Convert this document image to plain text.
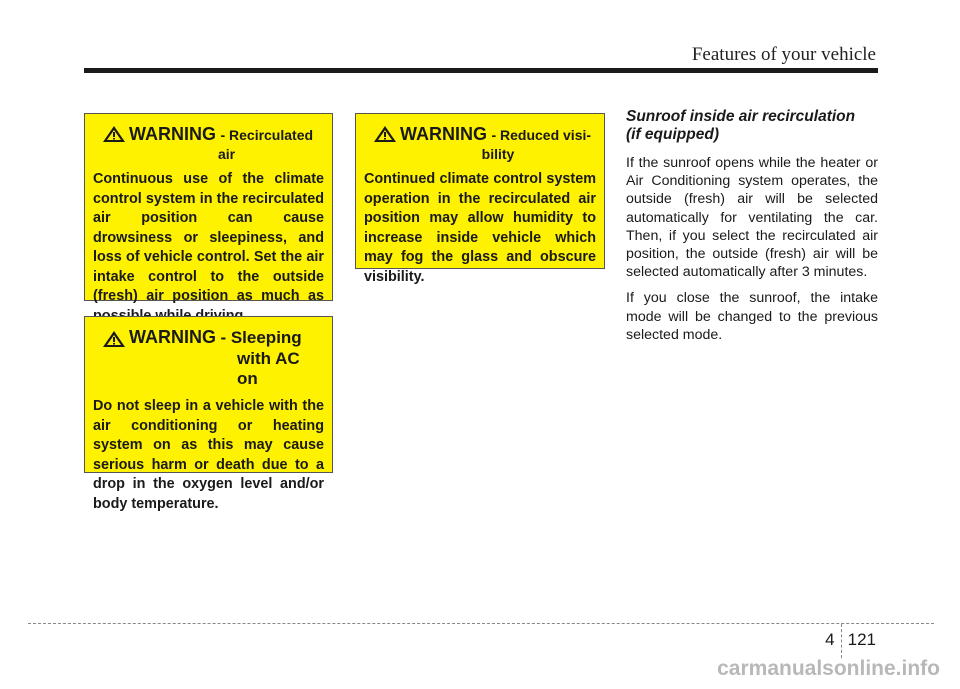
Features of your vehicle
WARNING - Recirculated
air

Continuous use of the climate control system in the recirculated air position can cause drowsiness or sleepiness, and loss of vehicle control. Set the air intake control to the outside (fresh) air position as much as

WARNING - Sleeping
with AC on

Do not sleep in a vehicle with the air conditioning or heating system on as this may cause serious harm or death due to a drop in the oxygen level and/or body temperature.

WARNING - Reduced visi-
bility

Continued climate control system operation in the recirculated air position may allow humidity to increase inside vehicle which may fog the glass and obscure visibility.

Sunroof inside air recirculation
(if equipped)

If the sunroof opens while the heater or Air Conditioning system operates, the outside (fresh) air will be selected automatically for ventilating the car. Then, if you select the recirculated air position, the outside (fresh) air will be selected automatically after 3 minutes.

If you close the sunroof, the intake mode will be changed to the previous selected mode.

4 121
carmanualsonline.info
